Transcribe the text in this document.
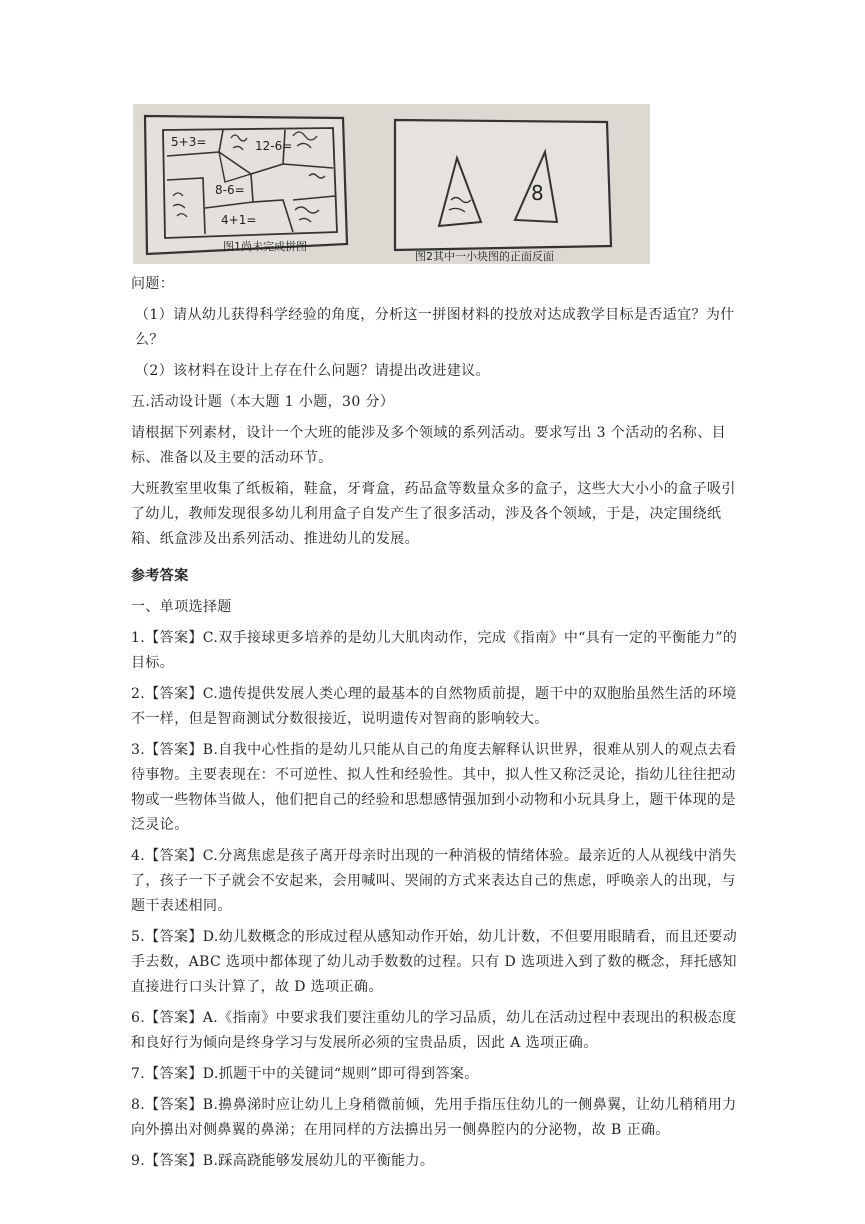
5+3=	12-6=
8-6=
4+1=
图1尚未完成拼图
8
图2其中一小块图的正面反面

问题：

（1）请从幼儿获得科学经验的角度，分析这一拼图材料的投放对达成教学目标是否适宜？为什么？

（2）该材料在设计上存在什么问题？请提出改进建议。

五.活动设计题（本大题 1 小题，30 分）

请根据下列素材，设计一个大班的能涉及多个领域的系列活动。要求写出 3 个活动的名称、目标、准备以及主要的活动环节。

大班教室里收集了纸板箱，鞋盒，牙膏盒，药品盒等数量众多的盒子，这些大大小小的盒子吸引了幼儿，教师发现很多幼儿利用盒子自发产生了很多活动，涉及各个领域，于是，决定围绕纸箱、纸盒涉及出系列活动、推进幼儿的发展。

参考答案

一、单项选择题

1.【答案】C.双手接球更多培养的是幼儿大肌肉动作，完成《指南》中“具有一定的平衡能力”的目标。

2.【答案】C.遗传提供发展人类心理的最基本的自然物质前提，题干中的双胞胎虽然生活的环境不一样，但是智商测试分数很接近，说明遗传对智商的影响较大。

3.【答案】B.自我中心性指的是幼儿只能从自己的角度去解释认识世界，很难从别人的观点去看待事物。主要表现在：不可逆性、拟人性和经验性。其中，拟人性又称泛灵论，指幼儿往往把动物或一些物体当做人，他们把自己的经验和思想感情强加到小动物和小玩具身上，题干体现的是泛灵论。

4.【答案】C.分离焦虑是孩子离开母亲时出现的一种消极的情绪体验。最亲近的人从视线中消失了，孩子一下子就会不安起来，会用喊叫、哭闹的方式来表达自己的焦虑，呼唤亲人的出现，与题干表述相同。

5.【答案】D.幼儿数概念的形成过程从感知动作开始，幼儿计数，不但要用眼睛看，而且还要动手去数，ABC 选项中都体现了幼儿动手数数的过程。只有 D 选项进入到了数的概念，拜托感知直接进行口头计算了，故 D 选项正确。

6.【答案】A.《指南》中要求我们要注重幼儿的学习品质，幼儿在活动过程中表现出的积极态度和良好行为倾向是终身学习与发展所必须的宝贵品质，因此 A 选项正确。

7.【答案】D.抓题干中的关键词“规则”即可得到答案。

8.【答案】B.擤鼻涕时应让幼儿上身稍微前倾，先用手指压住幼儿的一侧鼻翼，让幼儿稍稍用力向外擤出对侧鼻翼的鼻涕；在用同样的方法擤出另一侧鼻腔内的分泌物，故 B 正确。

9.【答案】B.踩高跷能够发展幼儿的平衡能力。
